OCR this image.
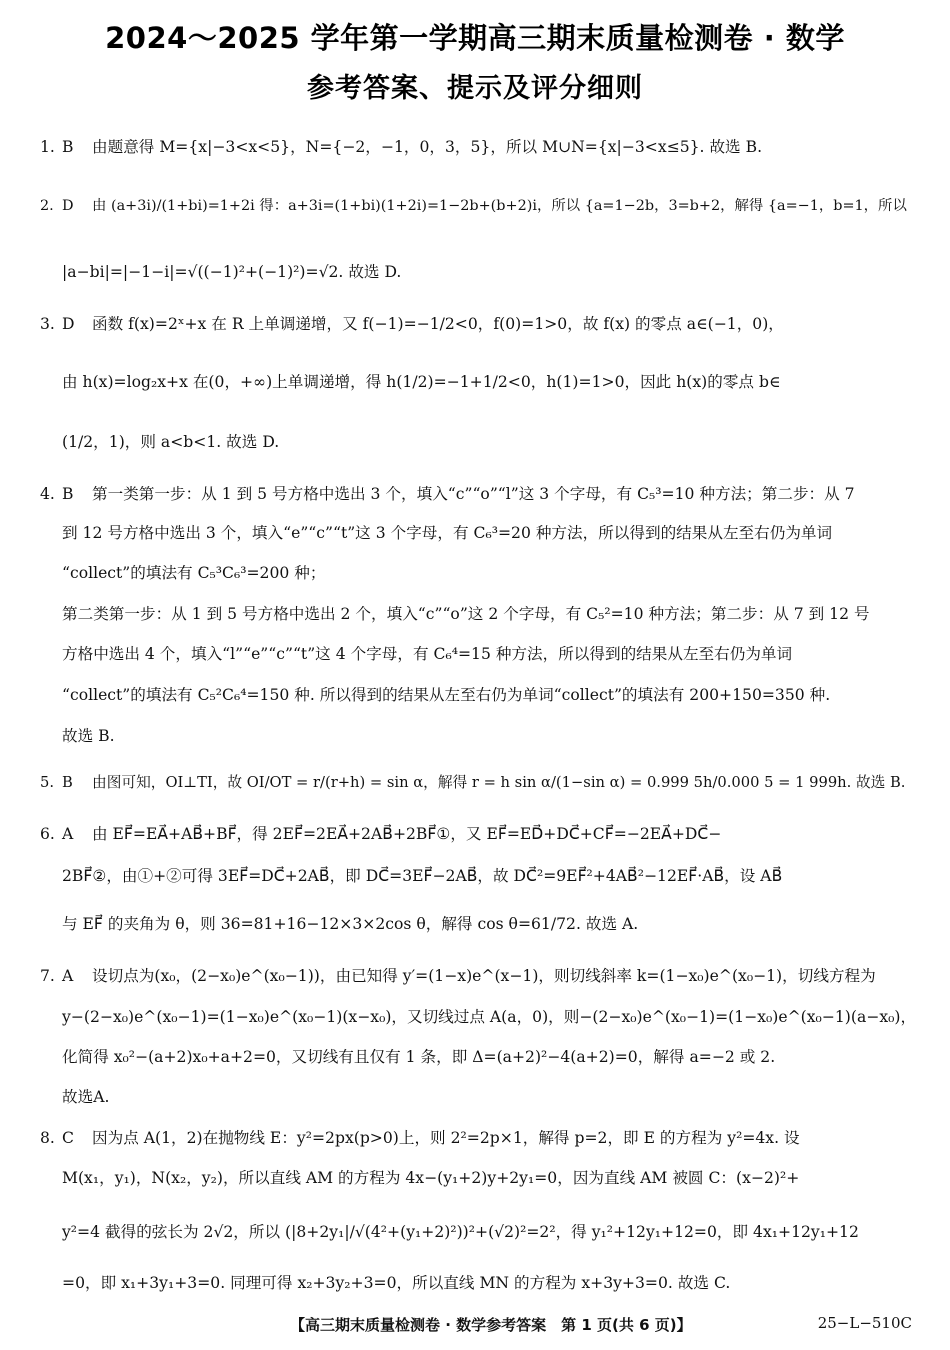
2024～2025 学年第一学期高三期末质量检测卷 · 数学
参考答案、提示及评分细则
1. B 由题意得 M={x|−3<x<5}，N={−2，−1，0，3，5}，所以 M∪N={x|−3<x≤5}. 故选 B.
2. D 由 (a+3i)/(1+bi)=1+2i 得：a+3i=(1+bi)(1+2i)=1−2b+(b+2)i，所以 {a=1−2b，3=b+2，解得 {a=−1，b=1，所以
|a−bi|=|−1−i|=√((−1)²+(−1)²)=√2. 故选 D.
3. D 函数 f(x)=2ˣ+x 在 R 上单调递增，又 f(−1)=−1/2<0，f(0)=1>0，故 f(x) 的零点 a∈(−1，0)，
由 h(x)=log₂x+x 在(0，+∞)上单调递增，得 h(1/2)=−1+1/2<0，h(1)=1>0，因此 h(x)的零点 b∈
(1/2，1)，则 a<b<1. 故选 D.
4. B 第一类第一步：从 1 到 5 号方格中选出 3 个，填入“c”“o”“l”这 3 个字母，有 C₅³=10 种方法；第二步：从 7
到 12 号方格中选出 3 个，填入“e”“c”“t”这 3 个字母，有 C₆³=20 种方法，所以得到的结果从左至右仍为单词
“collect”的填法有 C₅³C₆³=200 种；
第二类第一步：从 1 到 5 号方格中选出 2 个，填入“c”“o”这 2 个字母，有 C₅²=10 种方法；第二步：从 7 到 12 号
方格中选出 4 个，填入“l”“e”“c”“t”这 4 个字母，有 C₆⁴=15 种方法，所以得到的结果从左至右仍为单词
“collect”的填法有 C₅²C₆⁴=150 种. 所以得到的结果从左至右仍为单词“collect”的填法有 200+150=350 种.
故选 B.
5. B 由图可知，OI⊥TI，故 OI/OT = r/(r+h) = sin α，解得 r = h sin α/(1−sin α) = 0.999 5h/0.000 5 = 1 999h. 故选 B.
6. A 由 EF⃗=EA⃗+AB⃗+BF⃗，得 2EF⃗=2EA⃗+2AB⃗+2BF⃗①，又 EF⃗=ED⃗+DC⃗+CF⃗=−2EA⃗+DC⃗−
2BF⃗②，由①+②可得 3EF⃗=DC⃗+2AB⃗，即 DC⃗=3EF⃗−2AB⃗，故 DC⃗²=9EF⃗²+4AB⃗²−12EF⃗·AB⃗，设 AB⃗
与 EF⃗ 的夹角为 θ，则 36=81+16−12×3×2cos θ，解得 cos θ=61/72. 故选 A.
7. A 设切点为(x₀，(2−x₀)e^(x₀−1))，由已知得 y′=(1−x)e^(x−1)，则切线斜率 k=(1−x₀)e^(x₀−1)，切线方程为
y−(2−x₀)e^(x₀−1)=(1−x₀)e^(x₀−1)(x−x₀)，又切线过点 A(a，0)，则−(2−x₀)e^(x₀−1)=(1−x₀)e^(x₀−1)(a−x₀)，
化简得 x₀²−(a+2)x₀+a+2=0，又切线有且仅有 1 条，即 Δ=(a+2)²−4(a+2)=0，解得 a=−2 或 2.
故选A.
8. C 因为点 A(1，2)在抛物线 E：y²=2px(p>0)上，则 2²=2p×1，解得 p=2，即 E 的方程为 y²=4x. 设
M(x₁，y₁)，N(x₂，y₂)，所以直线 AM 的方程为 4x−(y₁+2)y+2y₁=0，因为直线 AM 被圆 C：(x−2)²+
y²=4 截得的弦长为 2√2，所以 (|8+2y₁|/√(4²+(y₁+2)²))²+(√2)²=2²，得 y₁²+12y₁+12=0，即 4x₁+12y₁+12
=0，即 x₁+3y₁+3=0. 同理可得 x₂+3y₂+3=0，所以直线 MN 的方程为 x+3y+3=0. 故选 C.
【高三期末质量检测卷 · 数学参考答案　第 1 页(共 6 页)】	25−L−510C
